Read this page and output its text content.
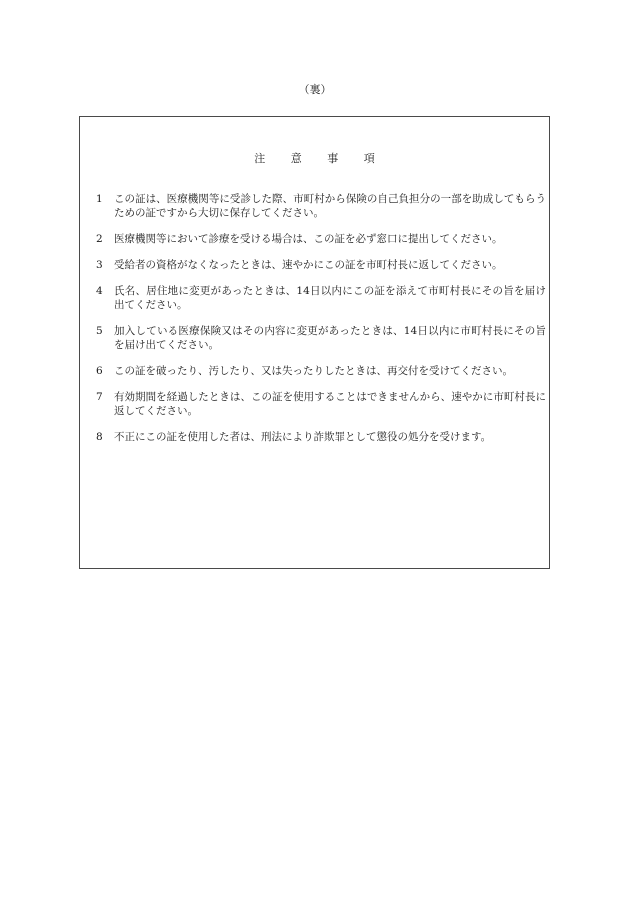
（裏）
注 意 事 項
1	この証は、医療機関等に受診した際、市町村から保険の自己負担分の一部を助成してもらうための証ですから大切に保存してください。
2	医療機関等において診療を受ける場合は、この証を必ず窓口に提出してください。
3	受給者の資格がなくなったときは、速やかにこの証を市町村長に返してください。
4	氏名、居住地に変更があったときは、14日以内にこの証を添えて市町村長にその旨を届け出てください。
5	加入している医療保険又はその内容に変更があったときは、14日以内に市町村長にその旨を届け出てください。
6	この証を破ったり、汚したり、又は失ったりしたときは、再交付を受けてください。
7	有効期間を経過したときは、この証を使用することはできませんから、速やかに市町村長に返してください。
8	不正にこの証を使用した者は、刑法により詐欺罪として懲役の処分を受けます。
